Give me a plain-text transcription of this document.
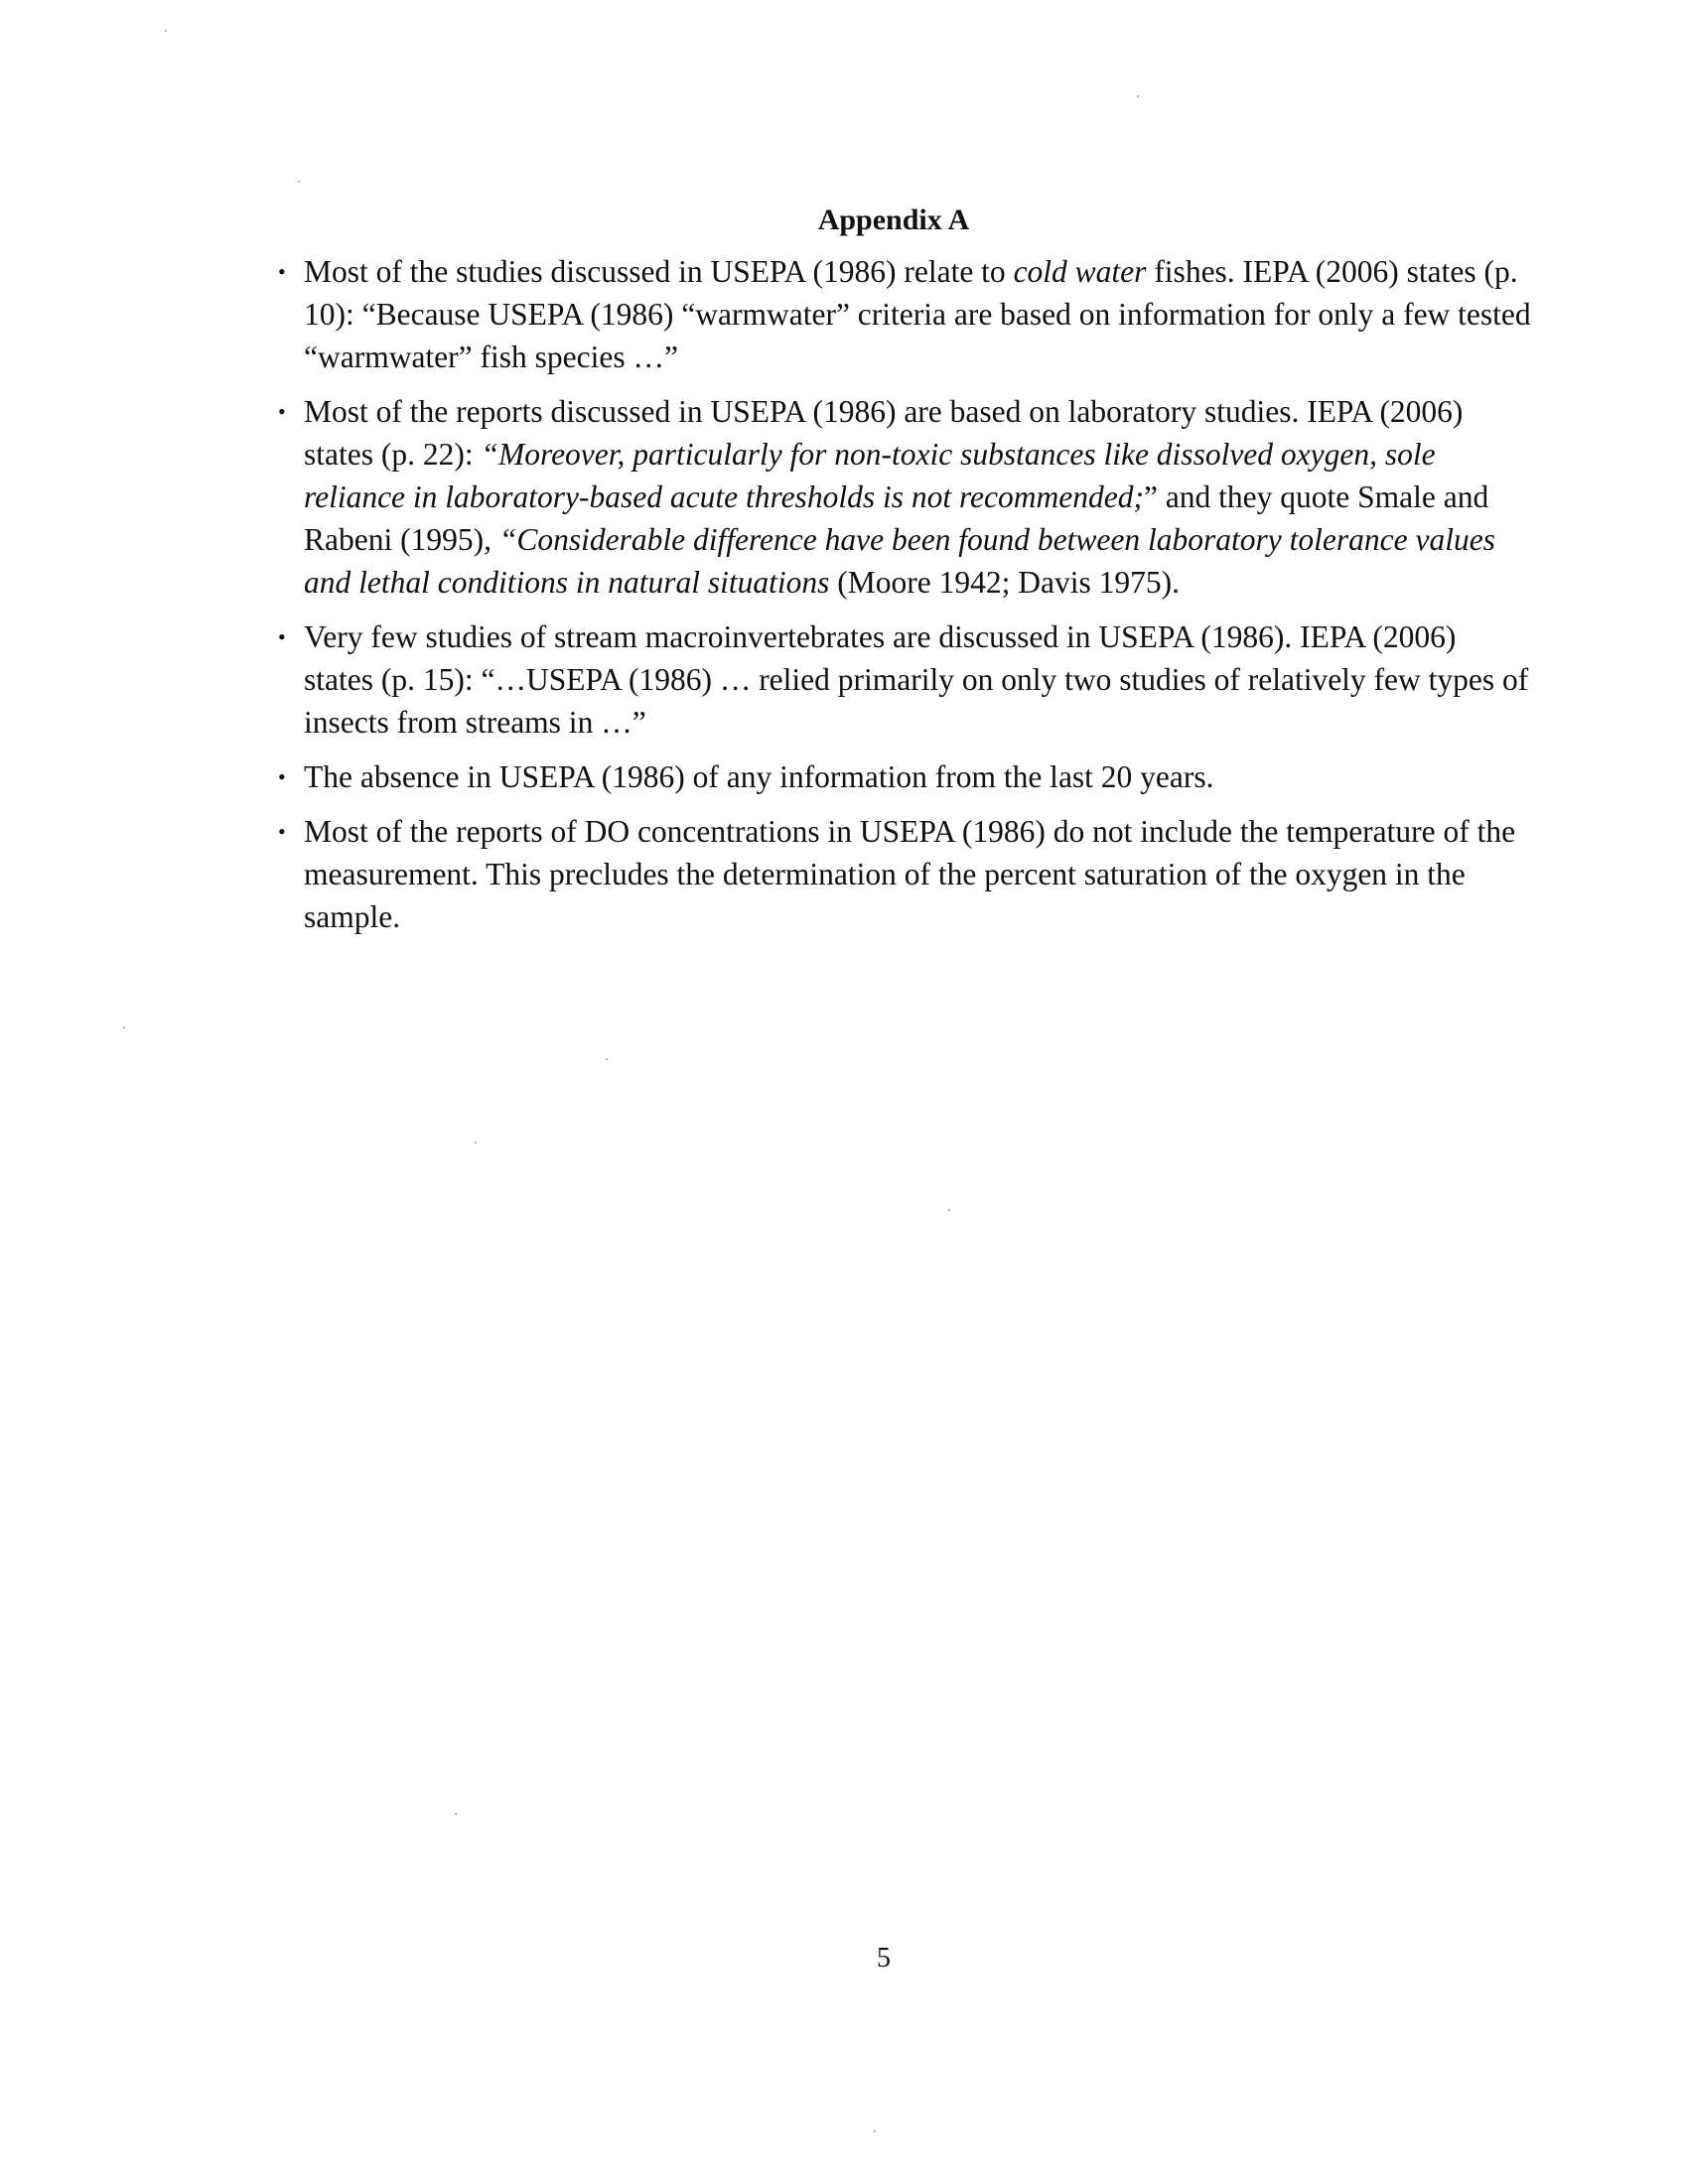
Appendix A
• Most of the studies discussed in USEPA (1986) relate to cold water fishes. IEPA (2006) states (p. 10): “Because USEPA (1986) “warmwater” criteria are based on information for only a few tested “warmwater” fish species …”
• Most of the reports discussed in USEPA (1986) are based on laboratory studies. IEPA (2006) states (p. 22): “Moreover, particularly for non-toxic substances like dissolved oxygen, sole reliance in laboratory-based acute thresholds is not recommended;” and they quote Smale and Rabeni (1995), “Considerable difference have been found between laboratory tolerance values and lethal conditions in natural situations (Moore 1942; Davis 1975).
• Very few studies of stream macroinvertebrates are discussed in USEPA (1986). IEPA (2006) states (p. 15): “…USEPA (1986) … relied primarily on only two studies of relatively few types of insects from streams in …”
• The absence in USEPA (1986) of any information from the last 20 years.
• Most of the reports of DO concentrations in USEPA (1986) do not include the temperature of the measurement. This precludes the determination of the percent saturation of the oxygen in the sample.
5
